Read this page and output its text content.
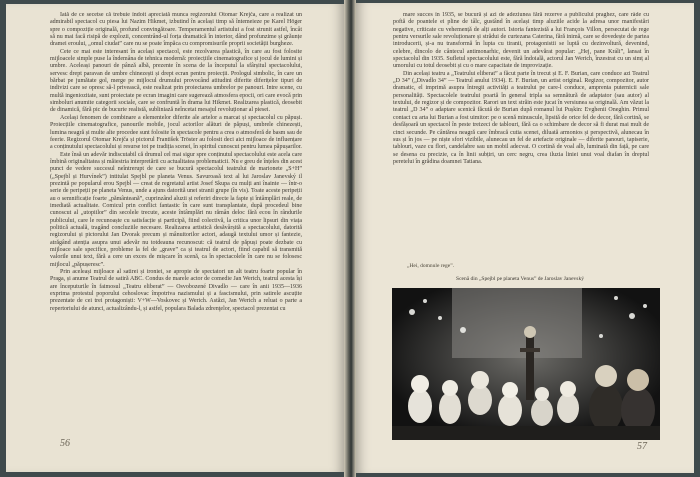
Iată de ce secetse că trebuie îndoit apreciată munca regizorului Otomar Krejča, care a realizat un admirabil spectacol cu piesa lui Nazim Hikmet, izbutind în același timp să întemeieze pe Karel Höger spre o compoziție originală, profund convingătoare. Temperamentul artistului a fost strunit astfel, încât să nu mai facă risipă de explozii, concentrând-ul forța dramatică în interior, dând profunzime și grăunțe dramei eroului, „omul ciudat” care nu se poate împăca cu compromisurile proprii societății burgheze.

Cete ce mai este interesant în același spectacol, este rezolvarea plastică, în care au fost folosite mijloacele simple puse la îndemâna de tehnica modernă: proiecțiile cinematografice și jocul de lumini și umbre. Aceleași panouri de pânză albă, prezente în scena de la începutul la sfârșitul spectacolului, servesc drept paravan de umbre chinezești și drept ecran pentru proiecții. Prologul simbolic, în care un bărbat pe jumătate gol, merge pe mijlocul drumului provocând atitudini diferite diferițelor tipuri de indivizi care se opresc să-l privească, este realizat prin proiectarea umbrelor pe panouri. Intre scene, cu multă ingeniozitate, sunt proiectate pe ecran imagini care sugerează atmosfera epocii, ori care evocă prin simboluri anumite categorii sociale, care se confruntă în drama lui Hikmet. Realizarea plastică, deosebit de dinamică, fără pic de bucurie realistă, subliniază neîncetat mesajul revoluționar al piesei.

Același fenomen de combinare a elementelor diferite ale artelor a marcat și spectacolul cu păpuși. Proiecțiile cinematografice, panourile mobile, jocul actorilor alături de păpuși, umbrele chinezești, lumina neagră și multe alte procedee sunt folosite în spectacole pentru a crea o atmosferă de basm sau de feerie. Regizorul Otomar Krejča și pictorul František Tröster au folosit deci aici mijloace de influențare a conținutului spectacolului și resurse tot pe tradiția scenei, în spiritul cunoscut pentru lumea păpușarilor.

Este însă un adevăr indiscutabil că drumul cel mai sigur spre conținutul spectacolului este acela care îmbină originalitatea și măiestria interpretării cu actualitatea problematicii. Nu e greu de înțeles din acest punct de vedere succesul neîntrerupt de care se bucură spectacolul teatrului de marionete „S+H” („Spejbl și Hurvínek”) intitulat Spejbl pe planeta Venus. Savuroasă text al lui Jaroslav Janevský il prezintă pe popularul erou Spejbl — creat de regretatul artist Josef Skupa cu mulți ani înainte — într-o serie de peripeții pe planeta Venus, unde a ajuns datorită unei stranii grupe (în vis). Toate aceste peripeții au o semnificație foarte „pământeană”, cuprinzând aluzii și referiri directe la fapte și întâmplări reale, de imediată actualitate. Comicul prin conflict fantastic în care sunt transplantate, după procedeul bine cunoscut al „utopiilor” din secolele trecute, aceste întâmplări nu rămân deloc fără ecou în rândurile publicului, care le recunoaște cu satisfacție și participă, fiind colectivă, la critica unor lipsuri din viața politică actuală, tragând concluziile necesare. Realizarea artistică desăvârșită a spectacolului, datorită regizorului și pictorului Jan Dvorak precum și mânuitorilor actori, adaugă textului umor și fantezie, atrăgând atenția asupra unui adevăr nu totdeauna recunoscut: că teatrul de păpuși poate dezbate cu mijloace sale specifice, probleme la fel de „grave” ca și teatrul de actori, fiind capabil să transmită valorile unui text, fără a cere un exces de mișcare în scenă, ca în spectacolele în care nu se folosesc mijlocul „păpușeresc”.

Prin aceleași mijloace al satirei și ironiei, se apropie de spectatori un alt teatru foarte popular în Praga, și anume Teatrul de satiră ABC. Condus de marele actor de comedie Jan Werich, teatrul acesta își are începuturile în faimosul „Teatru eliberat” — Osvobozené Divadlo — care în anii 1935—1936 exprima protestul poporului cehoslovac împotriva nazismului și a fascismului, prin satirele ascuțite prezentate de cei trei protagoniști: V+W—Voskovec și Werich. Astăzi, Jan Werich a reluat o parte a repertoriului de atunci, actualizându-l, și astfel, populara Balada zdrenţelor, spectacol prezentat cu

56

mare succes în 1935, se bucură și azi de adeziunea fără rezerve a publicului praghez, care râde cu poftă de poantele ei pline de tâlc, gustând în același timp aluziile acide la adresa unor manifestări negative, criticate cu vehemență de alți autori. Istoria fantezistă a lui François Villon, persecutat de rege pentru versurile sale revoluționare și strădui de curtezana Caterina, fără inimă, care se dovedește de partea introducerii, și-a nu transformă în lupta cu tiranii, protagonistii se luptă cu dezinvoltură, devenind, celebre, dincolo de cântecul antimonarhic, devenit un adevărat popular: „Hej, pane Králi”, lansat în spectacolul din 1935. Sufletul spectacolului este, fără îndoială, actorul Jan Werich, înzestrat cu un simț al umorului cu totul deosebit și cu o mare capacitate de improvizație.

Din același teatru a „Teatrului eliberat” a făcut parte în trecut și E. F. Burian, care conduce azi Teatrul „D 34” („Divadlo 34” — Teatrul anului 1934). E. F. Burian, un artist original. Regizor, compozitor, autor dramatic, el imprimă asupra întregii activități a teatrului pe care-l conduce, amprenta puternicii sale personalități. Spectacolele teatrului poartă în general tripla sa semnătură de adaptator (sau autor) al textului, de regizor și de compozitor. Rarori un text străin este jucat în versiunea sa originală. Am văzut la teatrul „D 34” o adaptare scenică făcută de Burian după romanul lui Pușkin: Evghenii Oneghin. Primul contact cu arta lui Burian a fost uimitor: pe o scenă minuscule, lipsită de orice fel de decor, fără cortină, se desfășoară un spectacol în peste treizeci de tablouri, fără ca o schimbare de decor să fi durat mai mult de cinci secunde. Pe cântărea neagră care îmbracă cutia scenei, diluată armonios și perspectivă, alunecau în sus și în jos — pe niște sfori vizibile, alunecau un fel de artefacte originale — diferite panouri, tapiserie, tablouri, vaze cu flori, candelabre sau un mobil adecvat. O cortină de voal alb, luminată din față, pe care se desena cu precizie, ca în linii subțiri, un cerc negru, crea iluzia liniei unui voal diafan în dreptul peretelui în grădina doamnei Tatiana.

„Hei, domnule rege”.
Scenă din „Spejbl pe planeta Venus” de Jaroslav Janevský
57
